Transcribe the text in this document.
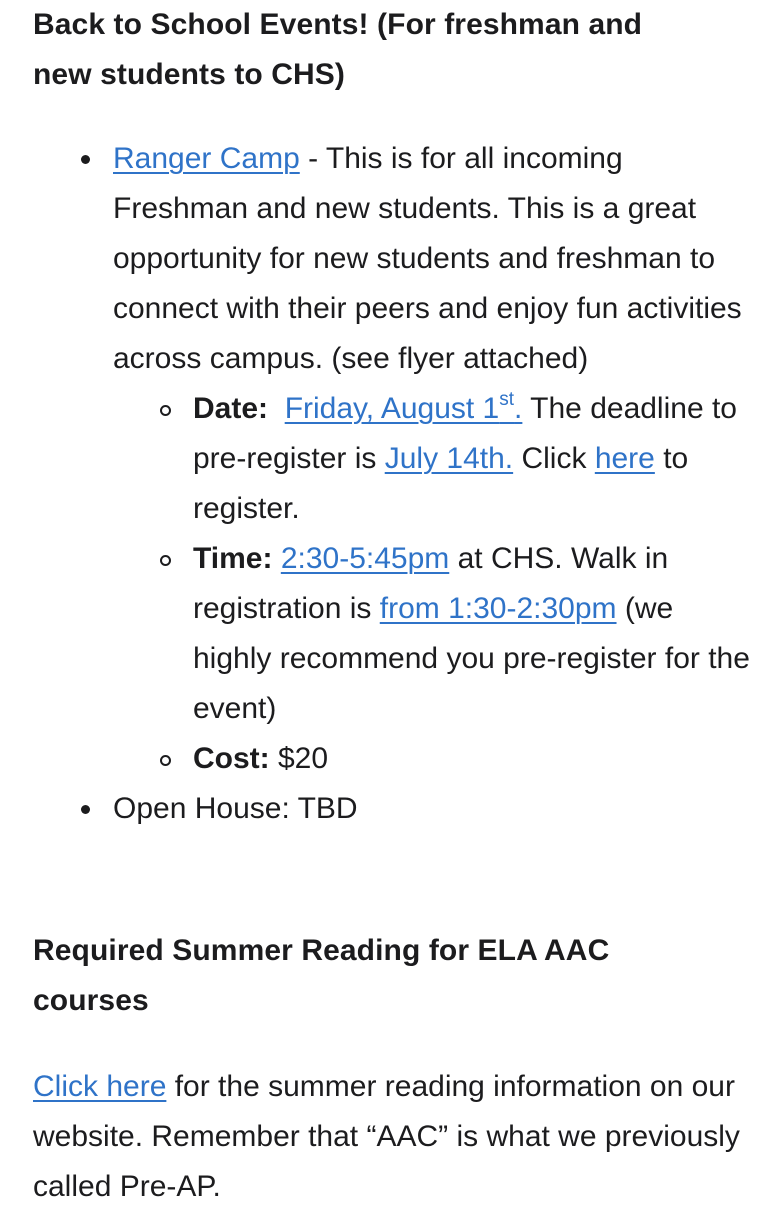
Back to School Events! (For freshman and
new students to CHS)
Ranger Camp - This is for all incoming Freshman and new students. This is a great opportunity for new students and freshman to connect with their peers and enjoy fun activities across campus. (see flyer attached)
Date: Friday, August 1st. The deadline to pre-register is July 14th. Click here to register.
Time: 2:30-5:45pm at CHS. Walk in registration is from 1:30-2:30pm (we highly recommend you pre-register for the event)
Cost: $20
Open House: TBD
Required Summer Reading for ELA AAC
courses

Click here for the summer reading information on our website. Remember that “AAC” is what we previously called Pre-AP.
